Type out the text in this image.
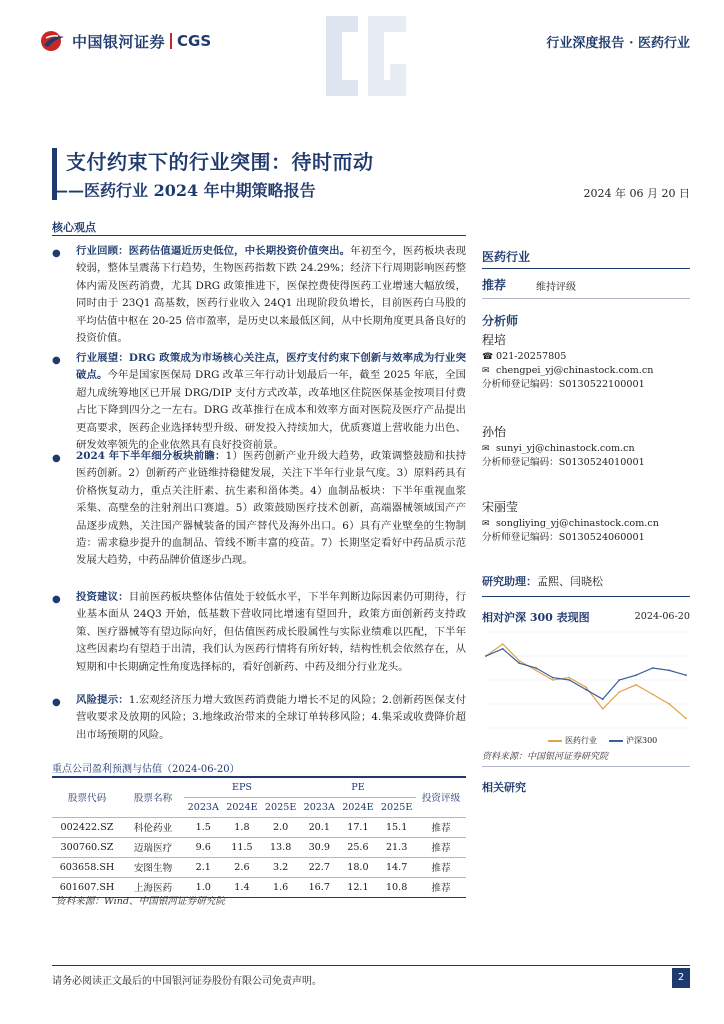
中国银河证券 CGS	行业深度报告 · 医药行业
支付约束下的行业突围：待时而动
——医药行业 2024 年中期策略报告	2024 年 06 月 20 日
核心观点
● 行业回顾：医药估值逼近历史低位，中长期投资价值突出。年初至今，医药板块表现较弱，整体呈震荡下行趋势，生物医药指数下跌 24.29%；经济下行周期影响医药整体内需及医药消费，尤其 DRG 政策推进下，医保控费使得医药工业增速大幅放缓，同时由于 23Q1 高基数，医药行业收入 24Q1 出现阶段负增长，目前医药白马股的平均估值中枢在 20-25 倍市盈率，是历史以来最低区间，从中长期角度更具备良好的投资价值。
● 行业展望：DRG 政策成为市场核心关注点，医疗支付约束下创新与效率成为行业突破点。今年是国家医保局 DRG 改革三年行动计划最后一年，截至 2025 年底，全国超九成统筹地区已开展 DRG/DIP 支付方式改革，改革地区住院医保基金按项目付费占比下降到四分之一左右。DRG 改革推行在成本和效率方面对医院及医疗产品提出更高要求，医药企业选择转型升级、研发投入持续加大，优质赛道上营收能力出色、研发效率领先的企业依然具有良好投资前景。
● 2024 年下半年细分板块前瞻：1）医药创新产业升级大趋势，政策调整鼓励和扶持医药创新。2）创新药产业链维持稳健发展，关注下半年行业景气度。3）原料药具有价格恢复动力，重点关注肝素、抗生素和甾体类。4）血制品板块：下半年重视血浆采集、高壁垒的注射剂出口赛道。5）政策鼓励医疗技术创新，高端器械领域国产产品逐步成熟，关注国产器械装备的国产替代及海外出口。6）具有产业壁垒的生物制造：需求稳步提升的血制品、管线不断丰富的疫苗。7）长期坚定看好中药品质示范发展大趋势，中药品牌价值逐步凸现。
● 投资建议：目前医药板块整体估值处于较低水平，下半年判断边际因素仍可期待，行业基本面从 24Q3 开始，低基数下营收同比增速有望回升，政策方面创新药支持政策、医疗器械等有望边际向好，但估值医药成长股属性与实际业绩难以匹配，下半年这些因素均有望趋于出清，我们认为医药行情将有所好转，结构性机会依然存在，从短期和中长期确定性角度选择标的，看好创新药、中药及细分行业龙头。
● 风险提示：1.宏观经济压力增大致医药消费能力增长不足的风险；2.创新药医保支付营收要求及放期的风险；3.地缘政治带来的全球订单转移风险；4.集采或收费降价超出市场预期的风险。
重点公司盈利预测与估值（2024-06-20）
股票代码	股票名称	EPS			PE			投资评级
		2023A	2024E	2025E	2023A	2024E	2025E	
002422.SZ	科伦药业	1.5	1.8	2.0	20.1	17.1	15.1	推荐
300760.SZ	迈瑞医疗	9.6	11.5	13.8	30.9	25.6	21.3	推荐
603658.SH	安图生物	2.1	2.6	3.2	22.7	18.0	14.7	推荐
601607.SH	上海医药	1.0	1.4	1.6	16.7	12.1	10.8	推荐
资料来源：Wind、中国银河证券研究院
医药行业
推荐	维持评级
分析师
程培
☎ 021-20257805
✉ chengpei_yj@chinastock.com.cn
分析师登记编码：S0130522100001
孙怡
✉ sunyi_yj@chinastock.com.cn
分析师登记编码：S0130524010001
宋丽莹
✉ songliying_yj@chinastock.com.cn
分析师登记编码：S0130524060001
研究助理：孟熙、闫晓松
相对沪深 300 表现图	2024-06-20
医药行业	沪深300
资料来源：中国银河证券研究院
相关研究
请务必阅读正文最后的中国银河证券股份有限公司免责声明。	2
